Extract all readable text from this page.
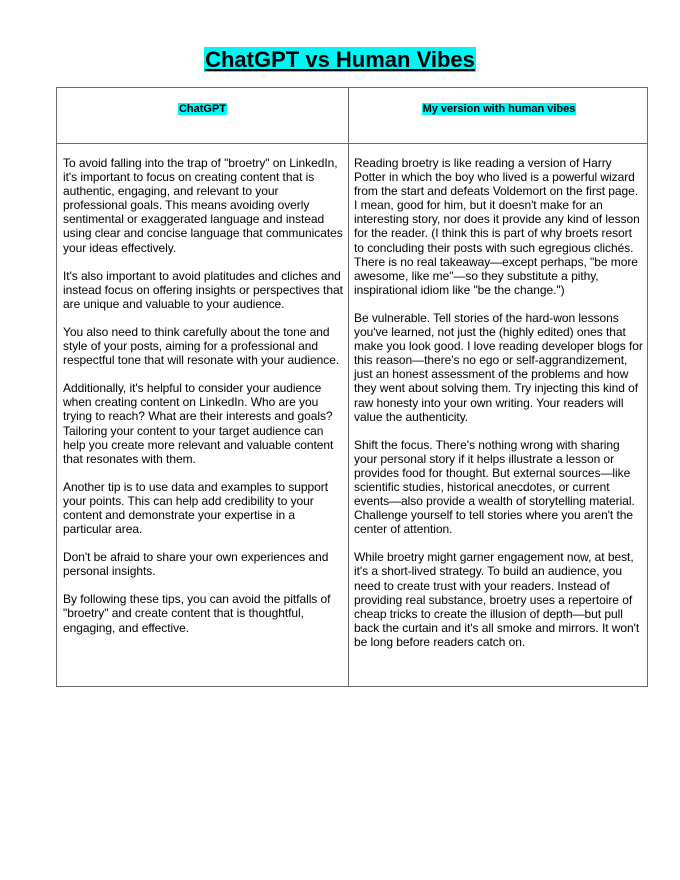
ChatGPT vs Human Vibes
ChatGPT	My version with human vibes

To avoid falling into the trap of "broetry" on LinkedIn, it's important to focus on creating content that is authentic, engaging, and relevant to your professional goals. This means avoiding overly sentimental or exaggerated language and instead using clear and concise language that communicates your ideas effectively.

It's also important to avoid platitudes and cliches and instead focus on offering insights or perspectives that are unique and valuable to your audience.

You also need to think carefully about the tone and style of your posts, aiming for a professional and respectful tone that will resonate with your audience.

Additionally, it's helpful to consider your audience when creating content on LinkedIn. Who are you trying to reach? What are their interests and goals? Tailoring your content to your target audience can help you create more relevant and valuable content that resonates with them.

Another tip is to use data and examples to support your points. This can help add credibility to your content and demonstrate your expertise in a particular area.

Don't be afraid to share your own experiences and personal insights.

By following these tips, you can avoid the pitfalls of "broetry" and create content that is thoughtful, engaging, and effective.

Reading broetry is like reading a version of Harry Potter in which the boy who lived is a powerful wizard from the start and defeats Voldemort on the first page. I mean, good for him, but it doesn't make for an interesting story, nor does it provide any kind of lesson for the reader. (I think this is part of why broets resort to concluding their posts with such egregious clichés. There is no real takeaway—except perhaps, "be more awesome, like me"—so they substitute a pithy, inspirational idiom like "be the change.")

Be vulnerable. Tell stories of the hard-won lessons you've learned, not just the (highly edited) ones that make you look good. I love reading developer blogs for this reason—there's no ego or self-aggrandizement, just an honest assessment of the problems and how they went about solving them. Try injecting this kind of raw honesty into your own writing. Your readers will value the authenticity.

Shift the focus. There's nothing wrong with sharing your personal story if it helps illustrate a lesson or provides food for thought. But external sources—like scientific studies, historical anecdotes, or current events—also provide a wealth of storytelling material. Challenge yourself to tell stories where you aren't the center of attention.

While broetry might garner engagement now, at best, it's a short-lived strategy. To build an audience, you need to create trust with your readers. Instead of providing real substance, broetry uses a repertoire of cheap tricks to create the illusion of depth—but pull back the curtain and it's all smoke and mirrors. It won't be long before readers catch on.
